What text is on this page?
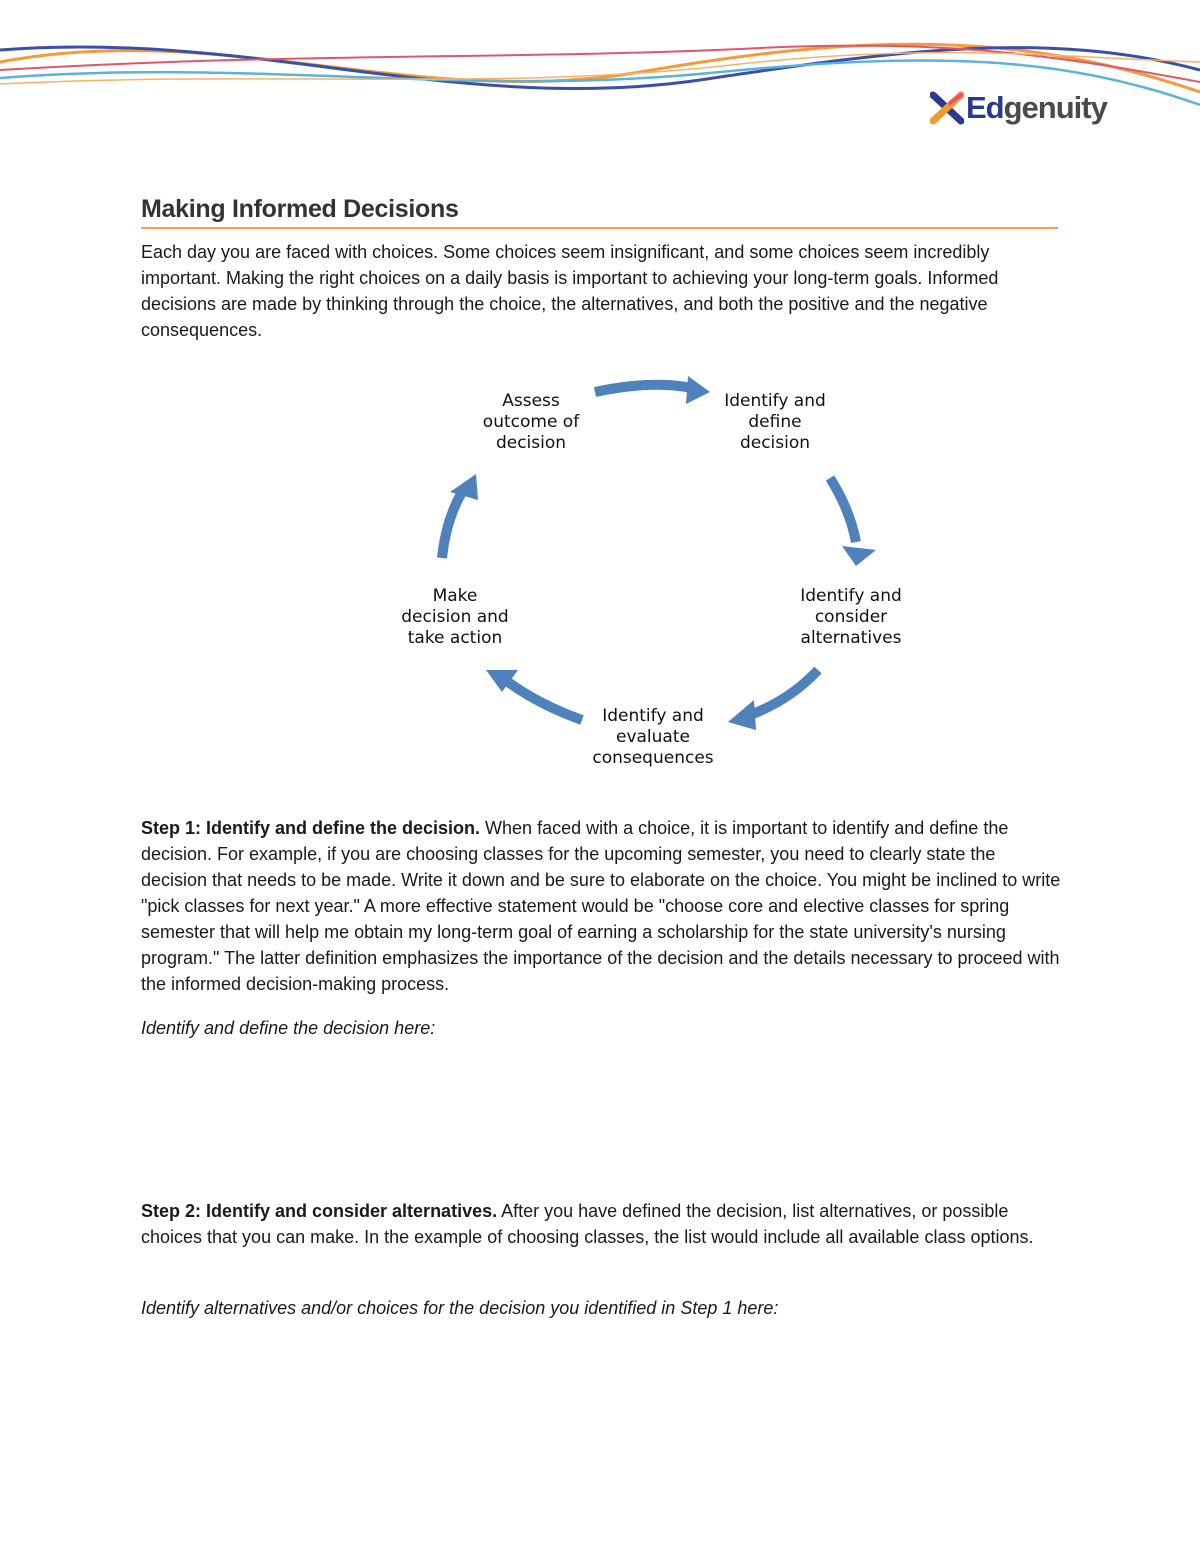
Edgenuity
Making Informed Decisions

Each day you are faced with choices. Some choices seem insignificant, and some choices seem incredibly important. Making the right choices on a daily basis is important to achieving your long-term goals. Informed decisions are made by thinking through the choice, the alternatives, and both the positive and the negative consequences.

Identify and
define
decision
Identify and
consider
alternatives
Identify and
evaluate
consequences
Make
decision and
take action
Assess
outcome of
decision

Step 1: Identify and define the decision. When faced with a choice, it is important to identify and define the decision. For example, if you are choosing classes for the upcoming semester, you need to clearly state the decision that needs to be made. Write it down and be sure to elaborate on the choice. You might be inclined to write "pick classes for next year." A more effective statement would be "choose core and elective classes for spring semester that will help me obtain my long-term goal of earning a scholarship for the state university's nursing program." The latter definition emphasizes the importance of the decision and the details necessary to proceed with the informed decision-making process.

Identify and define the decision here:

Step 2: Identify and consider alternatives. After you have defined the decision, list alternatives, or possible choices that you can make. In the example of choosing classes, the list would include all available class options.

Identify alternatives and/or choices for the decision you identified in Step 1 here:
